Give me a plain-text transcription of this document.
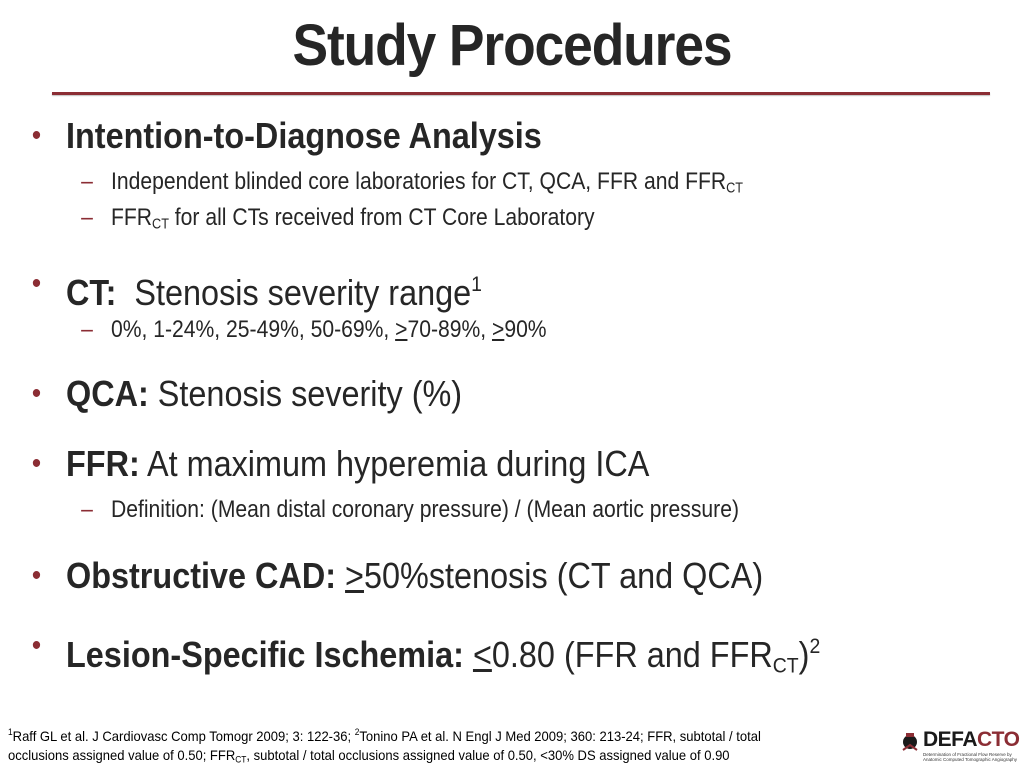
Study Procedures
• Intention-to-Diagnose Analysis
– Independent blinded core laboratories for CT, QCA, FFR and $FFR_{CT}$
– $FFR_{CT}$ for all CTs received from CT Core Laboratory
• CT:  Stenosis severity range$^1$
– 0%, 1-24%, 25-49%, 50-69%, >70-89%, >90%
• QCA: Stenosis severity (%)
• FFR: At maximum hyperemia during ICA
– Definition: (Mean distal coronary pressure) / (Mean aortic pressure)
• Obstructive CAD: >50%stenosis (CT and QCA)
• Lesion-Specific Ischemia: <0.80 (FFR and $FFR_{CT})^2$
$^1$Raff GL et al. J Cardiovasc Comp Tomogr 2009; 3: 122-36; $^2$Tonino PA et al. N Engl J Med 2009; 360: 213-24; FFR, subtotal / total
occlusions assigned value of 0.50; $FFR_{CT}$, subtotal / total occlusions assigned value of 0.50, <30% DS assigned value of 0.90
DEFACTO
Determination of Fractional Flow Reserve by Anatomic Computed Tomographic Angiography
